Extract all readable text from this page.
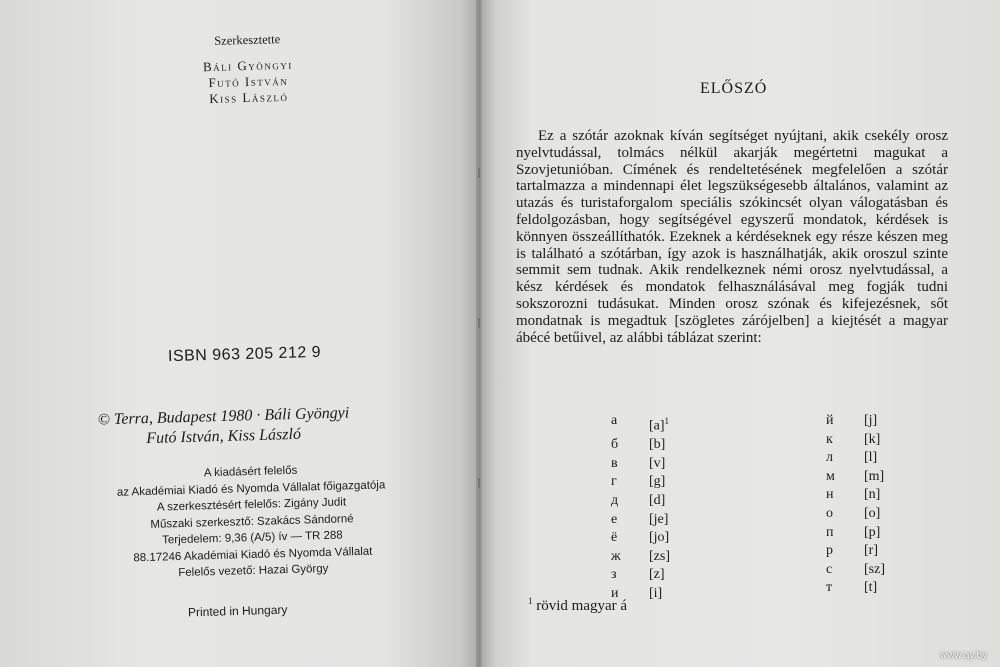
Szerkesztette
Báli Gyöngyi
Futó István
Kiss László
ISBN 963 205 212 9
© Terra, Budapest 1980 · Báli Gyöngyi
Futó István, Kiss László
A kiadásért felelős
az Akadémiai Kiadó és Nyomda Vállalat főigazgatója
A szerkesztésért felelős: Zigány Judit
Műszaki szerkesztő: Szakács Sándorné
Terjedelem: 9,36 (A/5) ív — TR 288
88.17246 Akadémiai Kiadó és Nyomda Vállalat
Felelős vezető: Hazai György
Printed in Hungary
ELŐSZÓ
Ez a szótár azoknak kíván segítséget nyújtani, akik csekély orosz nyelvtudással, tolmács nélkül akarják megértetni magukat a Szovjetunióban. Címének és rendeltetésének megfelelően a szótár tartalmazza a mindennapi élet legszükségesebb általános, valamint az utazás és turistaforgalom speciális szókincsét olyan válogatásban és feldolgozásban, hogy segítségével egyszerű mondatok, kérdések is könnyen összeállíthatók. Ezeknek a kérdéseknek egy része készen meg is található a szótárban, így azok is használhatják, akik oroszul szinte semmit sem tudnak. Akik rendelkeznek némi orosz nyelvtudással, a kész kérdések és mondatok felhasználásával meg fogják tudni sokszorozni tudásukat. Minden orosz szónak és kifejezésnek, sőt mondatnak is megadtuk [szögletes zárójelben] a kiejtését a magyar ábécé betűivel, az alábbi táblázat szerint:
а	$[a]^1$
б	[b]
в	[v]
г	[g]
д	[d]
е	[je]
ё	[jo]
ж	[zs]
з	[z]
и	[i]
й	[j]
к	[k]
л	[l]
м	[m]
н	[n]
о	[o]
п	[p]
р	[r]
с	[sz]
т	[t]
$^1$ rövid magyar á
www.ay.by
